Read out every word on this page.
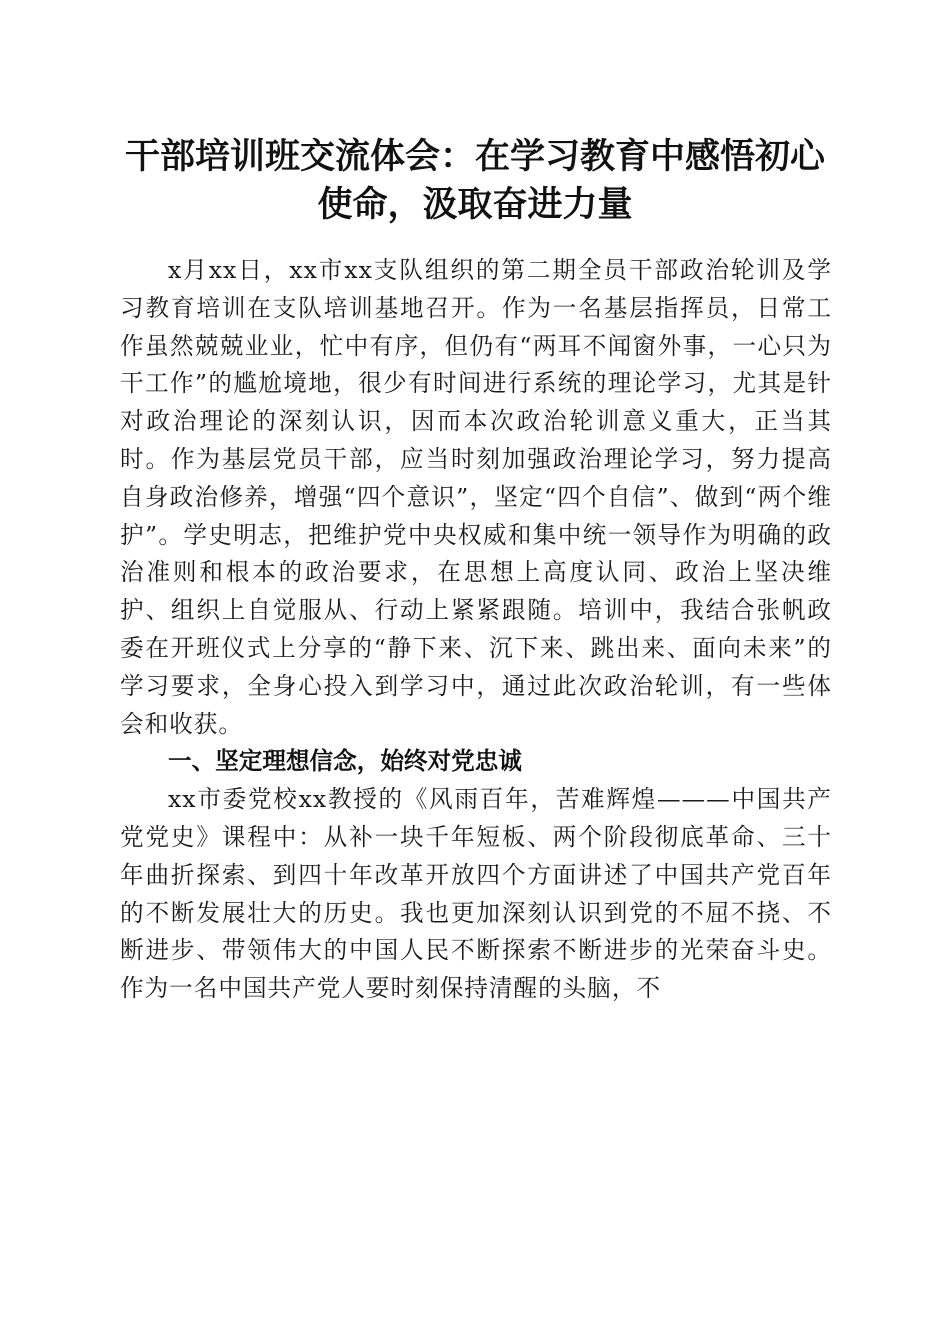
干部培训班交流体会：在学习教育中感悟初心
使命，汲取奋进力量

x月xx日，xx市xx支队组织的第二期全员干部政治轮训及学习教育培训在支队培训基地召开。作为一名基层指挥员，日常工作虽然兢兢业业，忙中有序，但仍有“两耳不闻窗外事，一心只为干工作”的尴尬境地，很少有时间进行系统的理论学习，尤其是针对政治理论的深刻认识，因而本次政治轮训意义重大，正当其时。作为基层党员干部，应当时刻加强政治理论学习，努力提高自身政治修养，增强“四个意识”，坚定“四个自信”、做到“两个维护”。学史明志，把维护党中央权威和集中统一领导作为明确的政治准则和根本的政治要求，在思想上高度认同、政治上坚决维护、组织上自觉服从、行动上紧紧跟随。培训中，我结合张帆政委在开班仪式上分享的“静下来、沉下来、跳出来、面向未来”的学习要求，全身心投入到学习中，通过此次政治轮训，有一些体会和收获。

一、坚定理想信念，始终对党忠诚

xx市委党校xx教授的《风雨百年，苦难辉煌———中国共产党党史》课程中：从补一块千年短板、两个阶段彻底革命、三十年曲折探索、到四十年改革开放四个方面讲述了中国共产党百年的不断发展壮大的历史。我也更加深刻认识到党的不屈不挠、不断进步、带领伟大的中国人民不断探索不断进步的光荣奋斗史。作为一名中国共产党人要时刻保持清醒的头脑，不
